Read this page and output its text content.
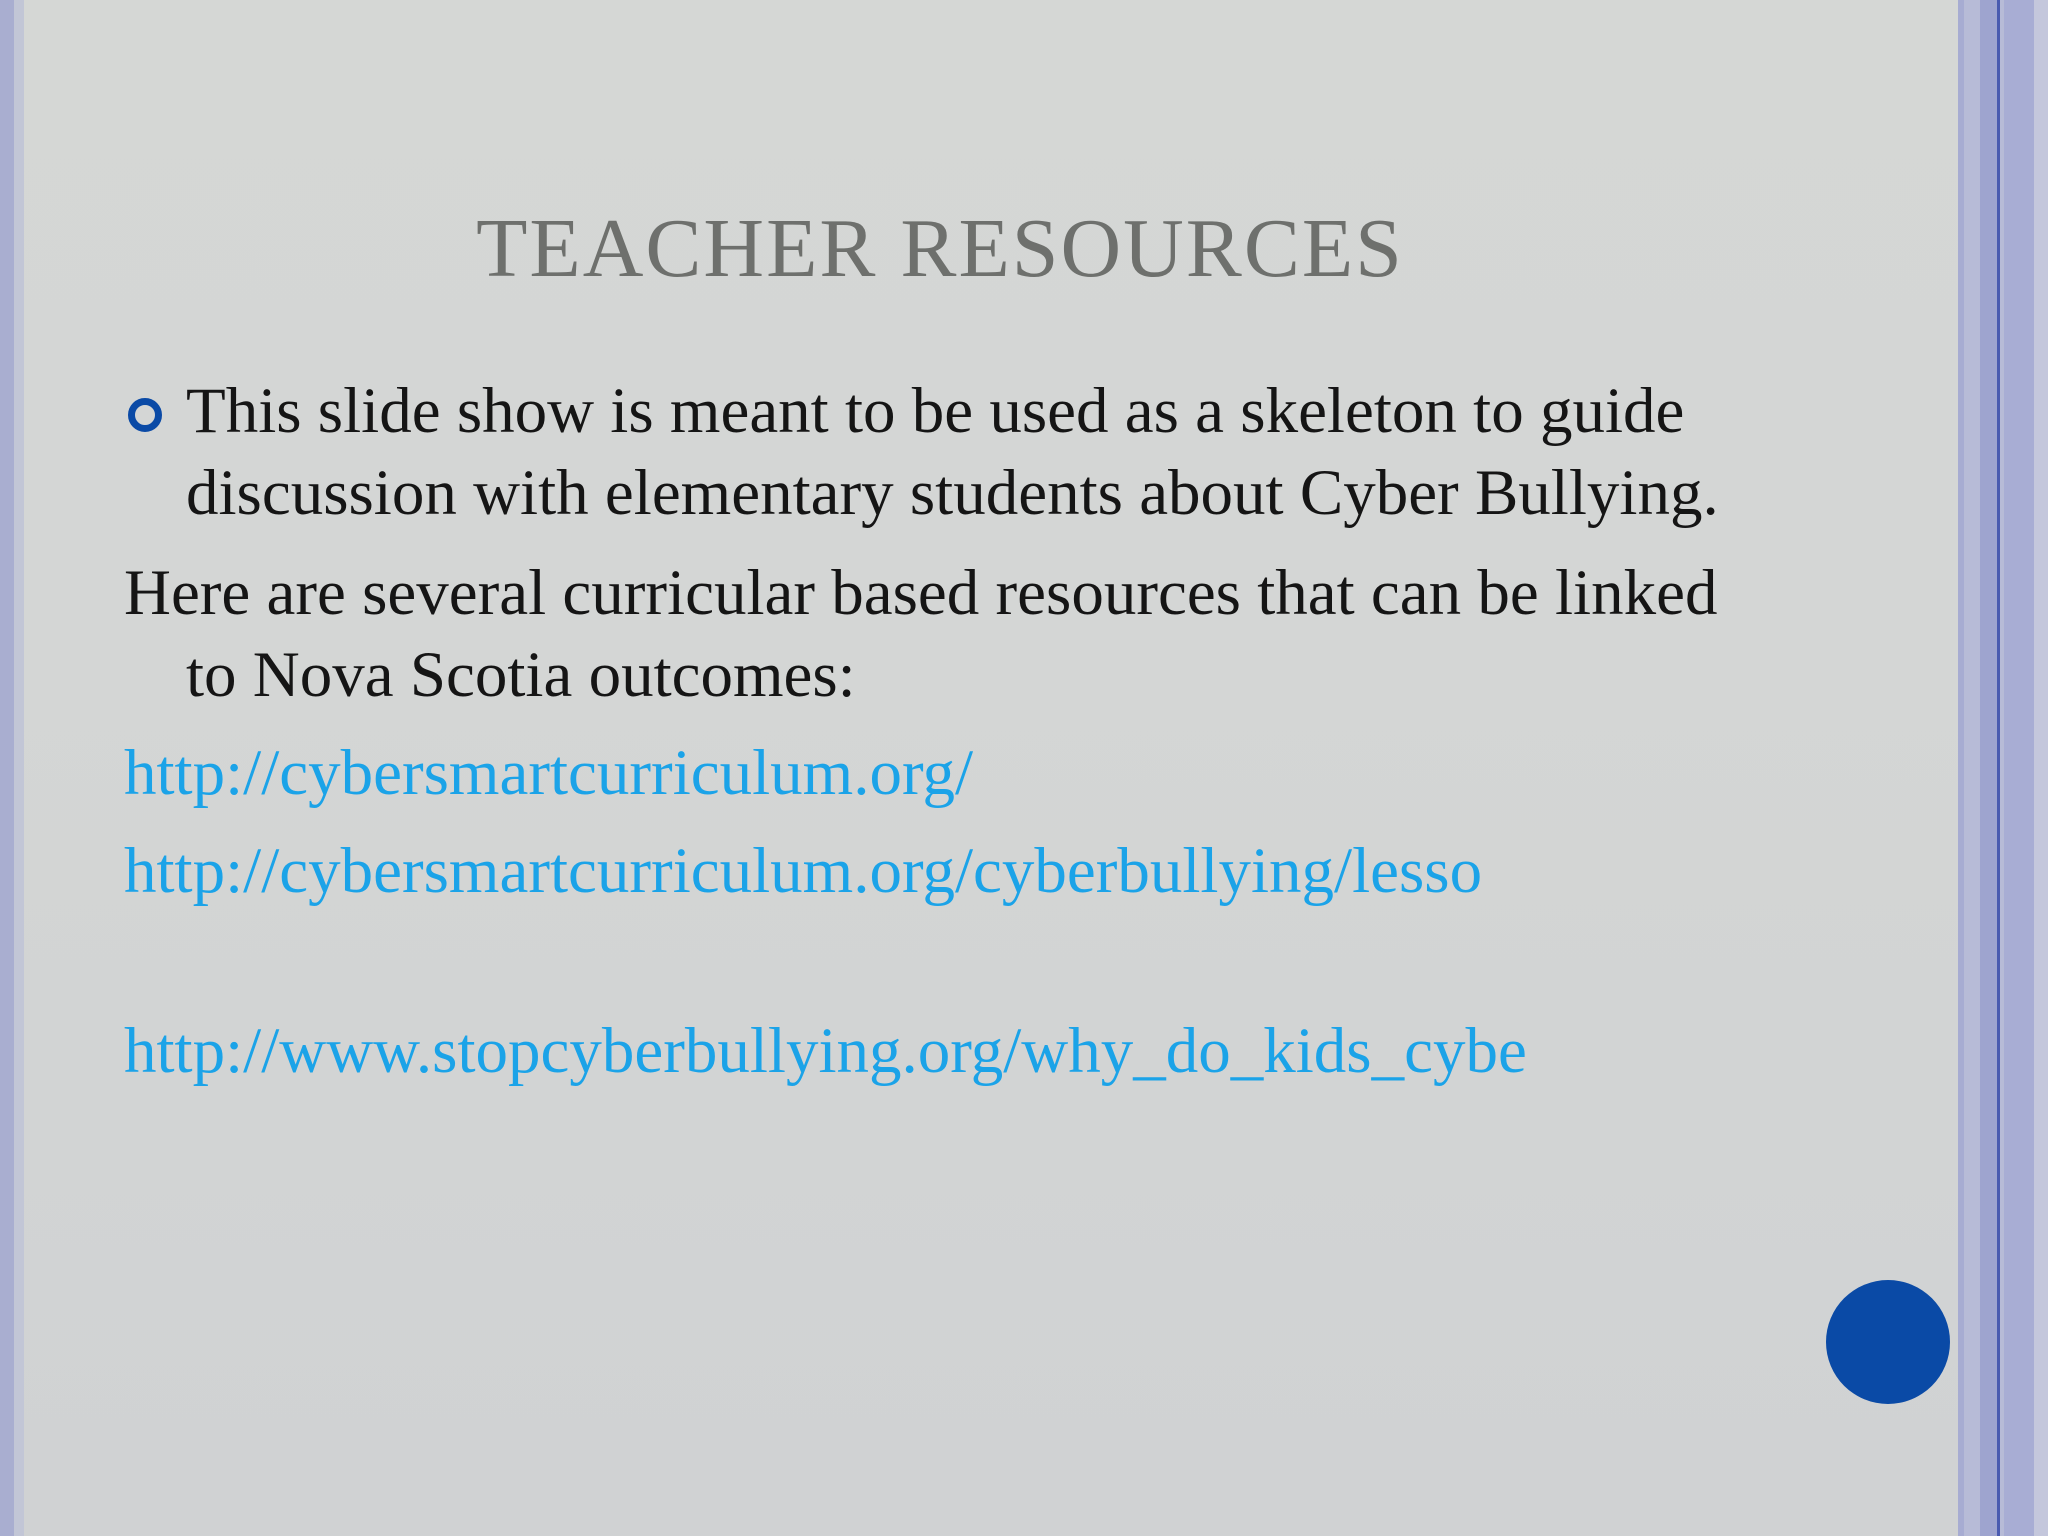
TEACHER RESOURCES

This slide show is meant to be used as a skeleton to guide discussion with elementary students about Cyber Bullying.

Here are several curricular based resources that can be linked to Nova Scotia outcomes:

http://cybersmartcurriculum.org/
http://cybersmartcurriculum.org/cyberbullying/lesso
http://www.stopcyberbullying.org/why_do_kids_cybe
